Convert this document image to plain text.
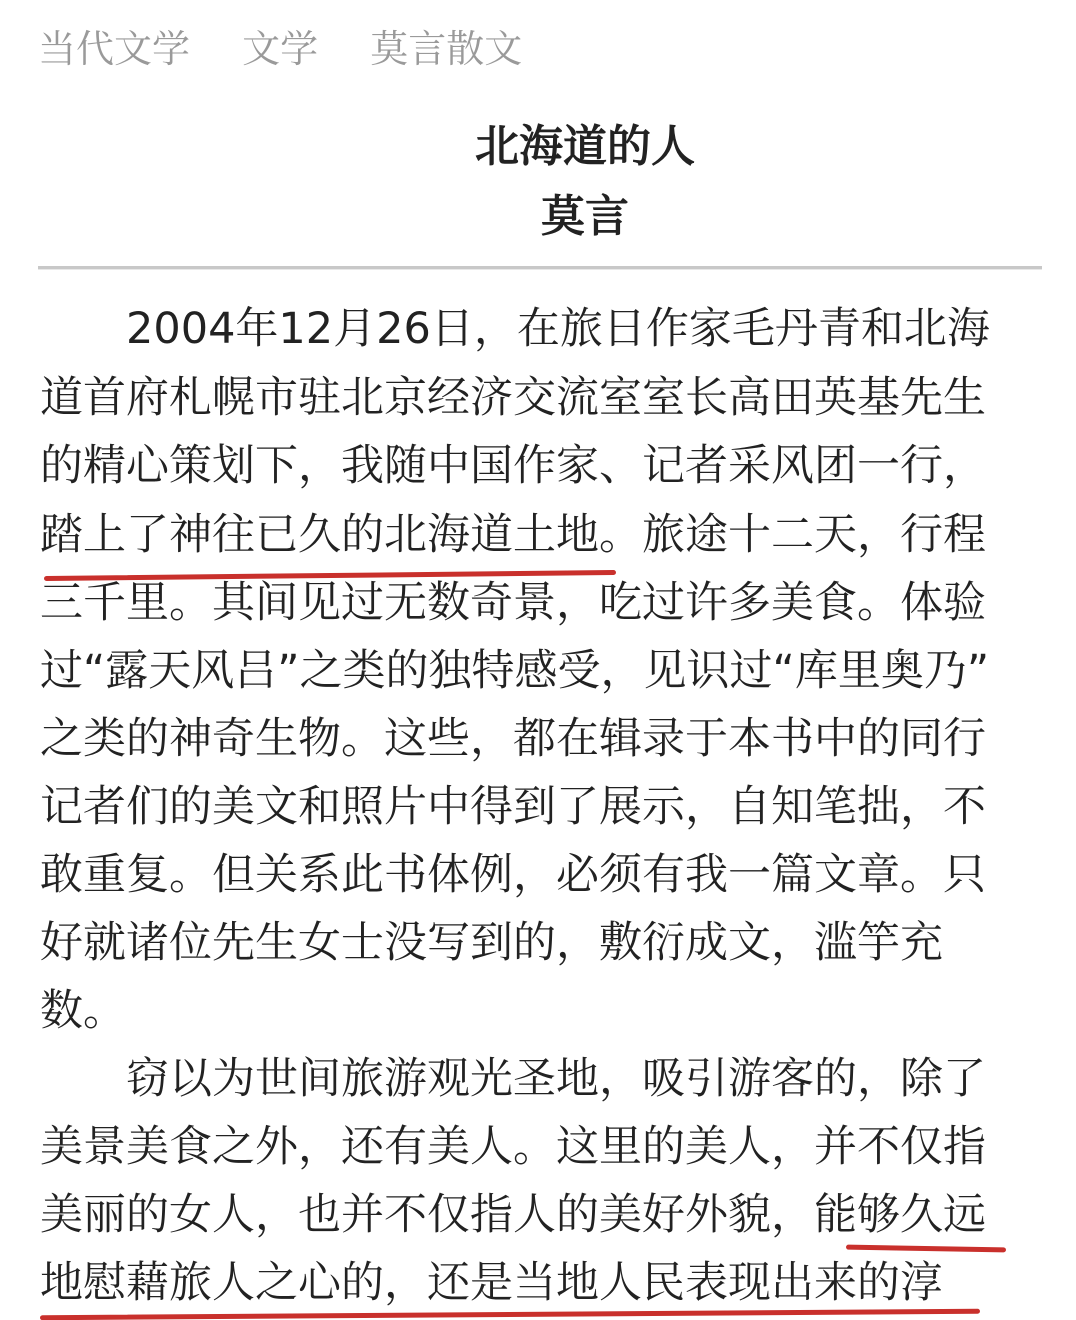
当代文学 文学 莫言散文
北海道的人
莫言
　　2004年12月26日，在旅日作家毛丹青和北海
道首府札幌市驻北京经济交流室室长高田英基先生
的精心策划下，我随中国作家、记者采风团一行，
踏上了神往已久的北海道土地。旅途十二天，行程
三千里。其间见过无数奇景，吃过许多美食。体验
过“露天风吕”之类的独特感受，见识过“库里奥乃”
之类的神奇生物。这些，都在辑录于本书中的同行
记者们的美文和照片中得到了展示，自知笔拙，不
敢重复。但关系此书体例，必须有我一篇文章。只
好就诸位先生女士没写到的，敷衍成文，滥竽充
数。
　　窃以为世间旅游观光圣地，吸引游客的，除了
美景美食之外，还有美人。这里的美人，并不仅指
美丽的女人，也并不仅指人的美好外貌，能够久远
地慰藉旅人之心的，还是当地人民表现出来的淳
